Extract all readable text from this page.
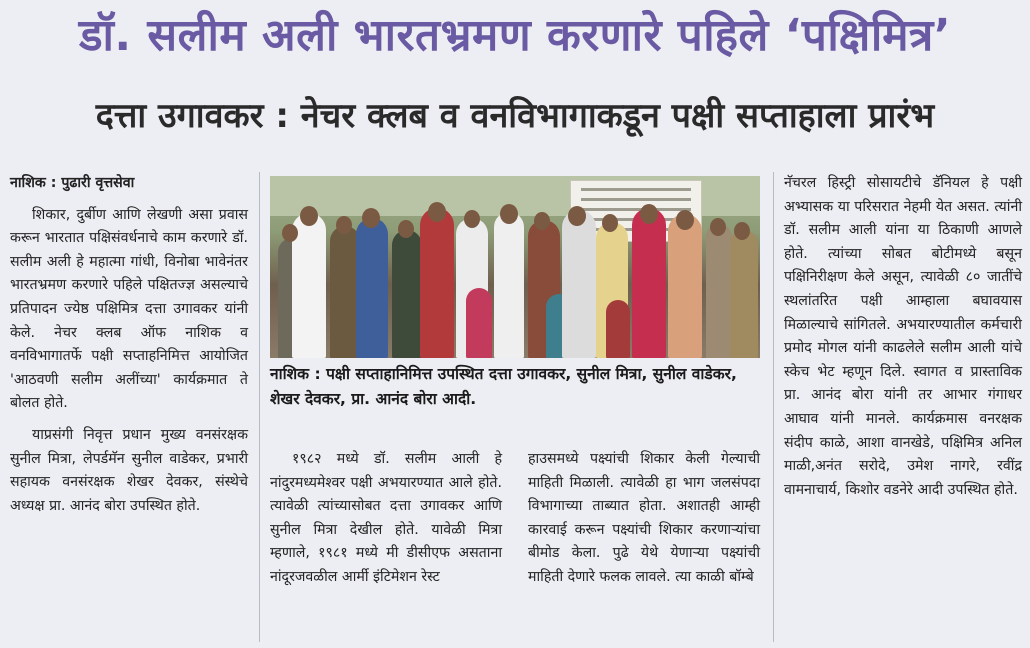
डॉ. सलीम अली भारतभ्रमण करणारे पहिले ‘पक्षिमित्र’
दत्ता उगावकर : नेचर क्लब व वनविभागाकडून पक्षी सप्ताहाला प्रारंभ

नाशिक : पुढारी वृत्तसेवा

शिकार, दुर्बीण आणि लेखणी असा प्रवास करून भारतात पक्षिसंवर्धनाचे काम करणारे डॉ. सलीम अली हे महात्मा गांधी, विनोबा भावेनंतर भारतभ्रमण करणारे पहिले पक्षितज्ज्ञ असल्याचे प्रतिपादन ज्येष्ठ पक्षिमित्र दत्ता उगावकर यांनी केले. नेचर क्लब ऑफ नाशिक व वनविभागातर्फे पक्षी सप्ताहनिमित्त आयोजित 'आठवणी सलीम अलींच्या' कार्यक्रमात ते बोलत होते.

याप्रसंगी निवृत्त प्रधान मुख्य वनसंरक्षक सुनील मित्रा, लेपर्डमॅन सुनील वाडेकर, प्रभारी सहायक वनसंरक्षक शेखर देवकर, संस्थेचे अध्यक्ष प्रा. आनंद बोरा उपस्थित होते.

नाशिक : पक्षी सप्ताहानिमित्त उपस्थित दत्ता उगावकर, सुनील मित्रा, सुनील वाडेकर, शेखर देवकर, प्रा. आनंद बोरा आदी.

१९८२ मध्ये डॉ. सलीम आली हे नांदुरमध्यमेश्वर पक्षी अभयारण्यात आले होते. त्यावेळी त्यांच्यासोबत दत्ता उगावकर आणि सुनील मित्रा देखील होते. यावेळी मित्रा म्हणाले, १९८१ मध्ये मी डीसीएफ असताना नांदूरजवळील आर्मी इंटिमेशन रेस्ट

हाउसमध्ये पक्ष्यांची शिकार केली गेल्याची माहिती मिळाली. त्यावेळी हा भाग जलसंपदा विभागाच्या ताब्यात होता. अशातही आम्ही कारवाई करून पक्ष्यांची शिकार करणाऱ्यांचा बीमोड केला. पुढे येथे येणाऱ्या पक्ष्यांची माहिती देणारे फलक लावले. त्या काळी बॉम्बे

नॅचरल हिस्ट्री सोसायटीचे डॅनियल हे पक्षी अभ्यासक या परिसरात नेहमी येत असत. त्यांनी डॉ. सलीम आली यांना या ठिकाणी आणले होते. त्यांच्या सोबत बोटीमध्ये बसून पक्षिनिरीक्षण केले असून, त्यावेळी ८० जातींचे स्थलांतरित पक्षी आम्हाला बघावयास मिळाल्याचे सांगितले. अभयारण्यातील कर्मचारी प्रमोद मोगल यांनी काढलेले सलीम आली यांचे स्केच भेट म्हणून दिले. स्वागत व प्रास्ताविक प्रा. आनंद बोरा यांनी तर आभार गंगाधर आघाव यांनी मानले. कार्यक्रमास वनरक्षक संदीप काळे, आशा वानखेडे, पक्षिमित्र अनिल माळी,अनंत सरोदे, उमेश नागरे, रवींद्र वामनाचार्य, किशोर वडनेरे आदी उपस्थित होते.
